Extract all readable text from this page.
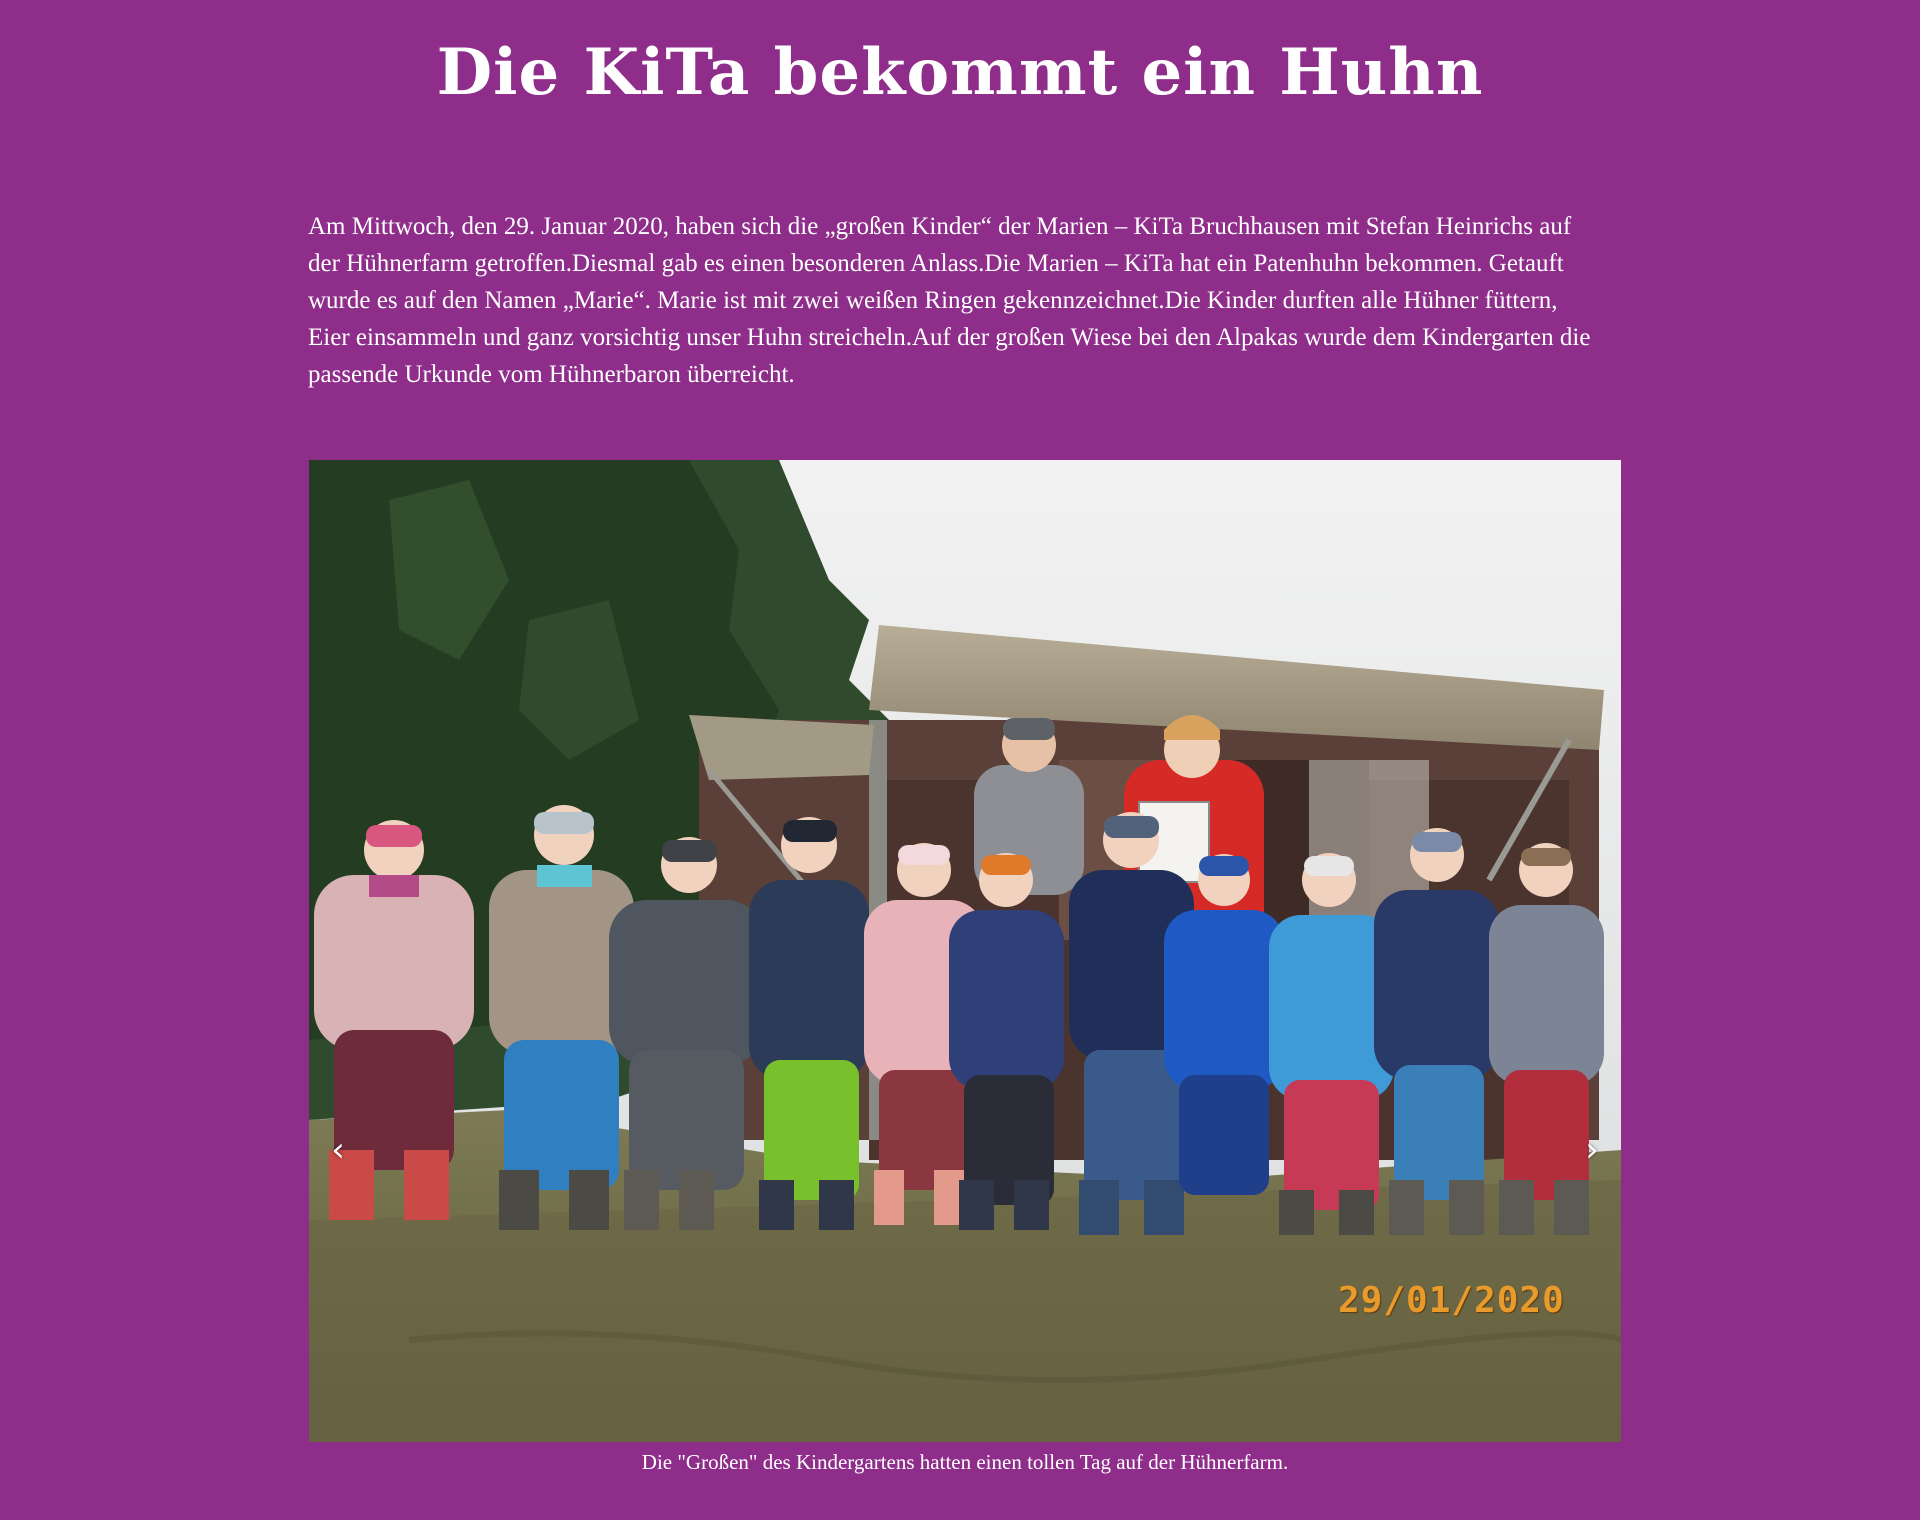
Die KiTa bekommt ein Huhn

Am Mittwoch, den 29. Januar 2020, haben sich die „großen Kinder“ der Marien – KiTa Bruchhausen mit Stefan Heinrichs auf der Hühnerfarm getroffen.Diesmal gab es einen besonderen Anlass.Die Marien – KiTa hat ein Patenhuhn bekommen. Getauft wurde es auf den Namen „Marie“. Marie ist mit zwei weißen Ringen gekennzeichnet.Die Kinder durften alle Hühner füttern, Eier einsammeln und ganz vorsichtig unser Huhn streicheln.Auf der großen Wiese bei den Alpakas wurde dem Kindergarten die passende Urkunde vom Hühnerbaron überreicht.

‹	›
29/01/2020
Die "Großen" des Kindergartens hatten einen tollen Tag auf der Hühnerfarm.
